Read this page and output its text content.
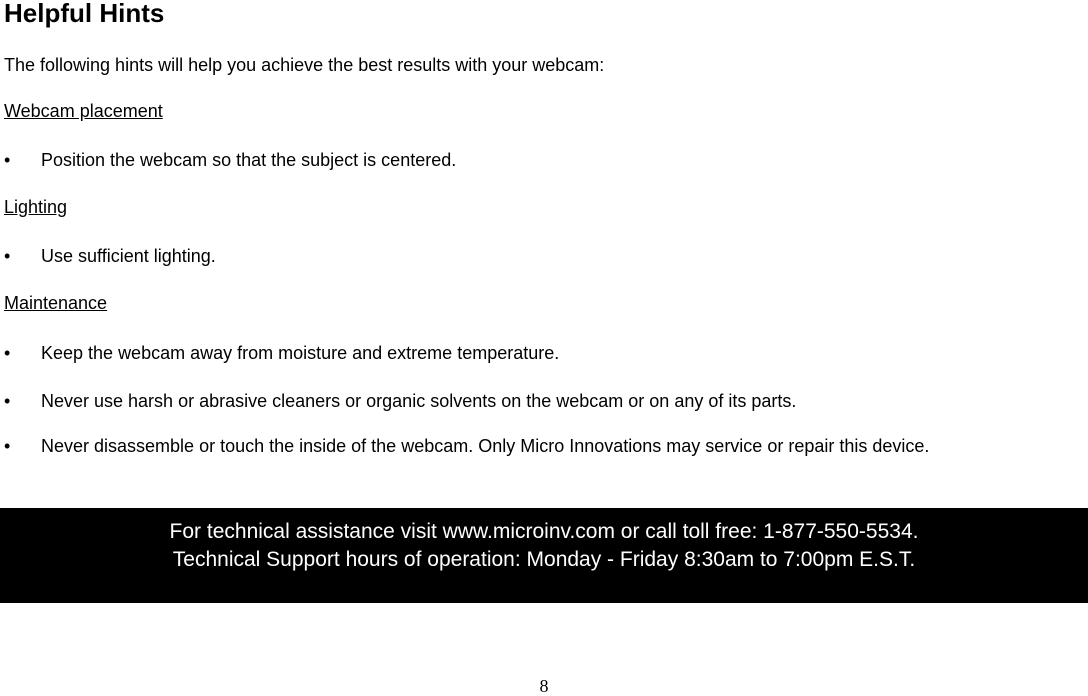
Helpful Hints
The following hints will help you achieve the best results with your webcam:
Webcam placement
• Position the webcam so that the subject is centered.
Lighting
• Use sufficient lighting.
Maintenance
• Keep the webcam away from moisture and extreme temperature.
• Never use harsh or abrasive cleaners or organic solvents on the webcam or on any of its parts.
• Never disassemble or touch the inside of the webcam. Only Micro Innovations may service or repair this device.
For technical assistance visit www.microinv.com or call toll free: 1-877-550-5534.
Technical Support hours of operation: Monday - Friday 8:30am to 7:00pm E.S.T.
8
